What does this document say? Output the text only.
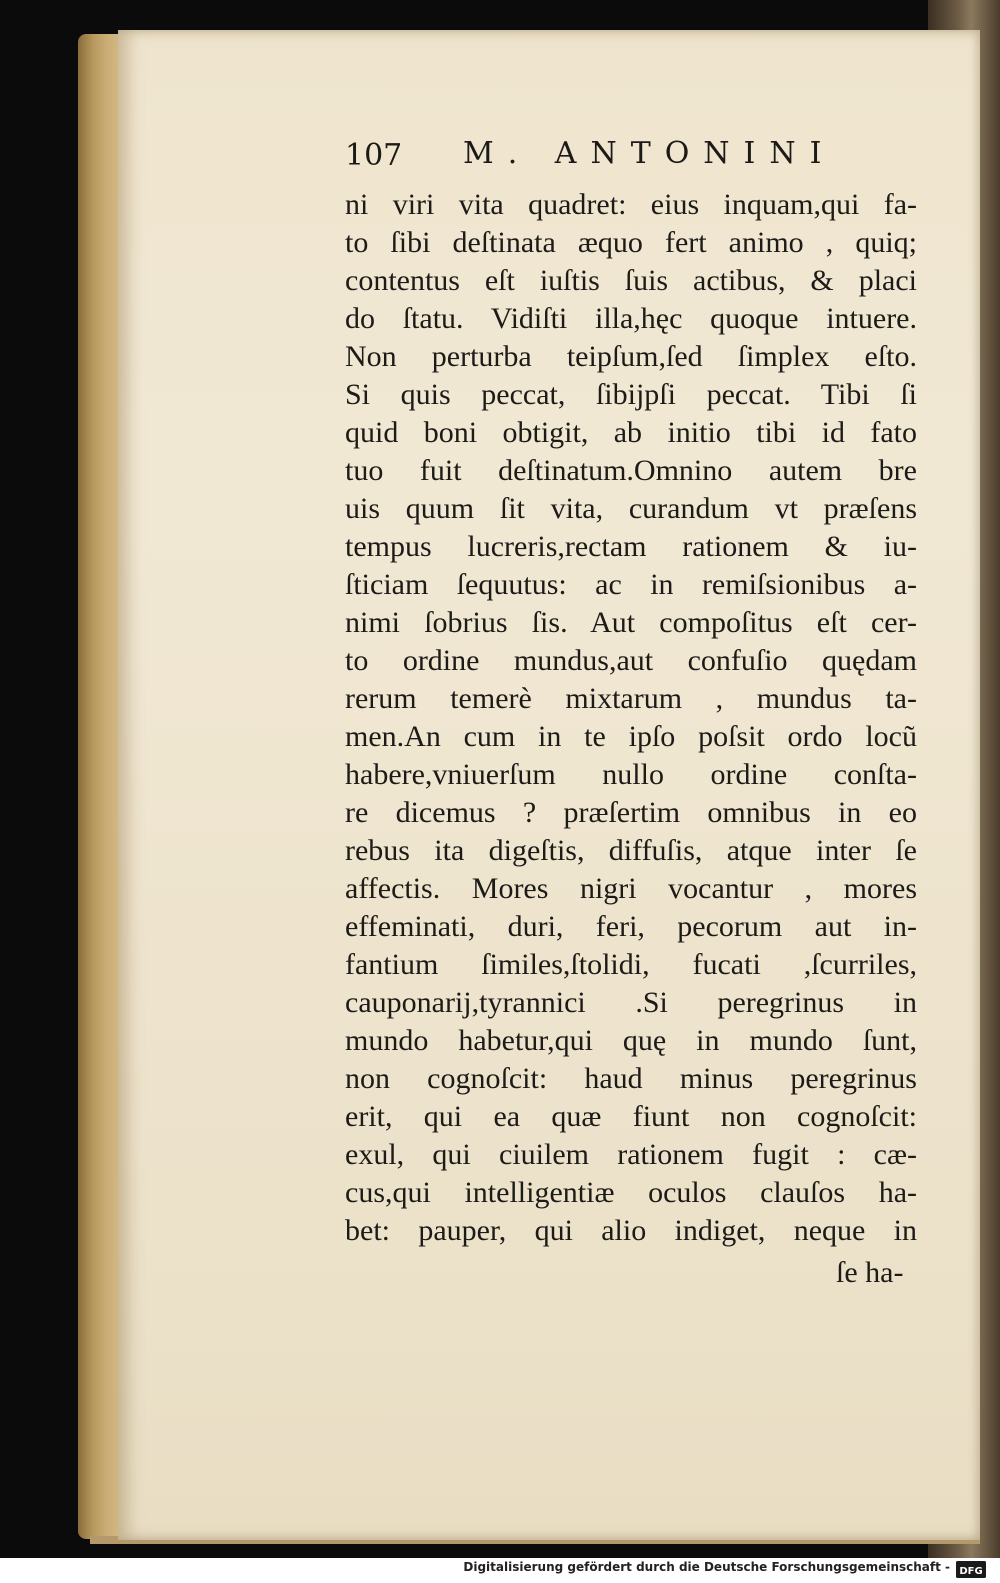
107 M. ANTONINI
ni viri vita quadret: eius inquam,qui fa-
to ſibi deſtinata æquo fert animo , quiq;
contentus eſt iuſtis ſuis actibus, & placi
do ſtatu. Vidiſti illa,hęc quoque intuere.
Non perturba teipſum,ſed ſimplex eſto.
Si quis peccat, ſibijpſi peccat. Tibi ſi
quid boni obtigit, ab initio tibi id fato
tuo fuit deſtinatum.Omnino autem bre
uis quum ſit vita, curandum vt præſens
tempus lucreris,rectam rationem & iu-
ſticiam ſequutus: ac in remiſsionibus a-
nimi ſobrius ſis. Aut compoſitus eſt cer-
to ordine mundus,aut confuſio quędam
rerum temerè mixtarum , mundus ta-
men.An cum in te ipſo poſsit ordo locũ
habere,vniuerſum nullo ordine conſta-
re dicemus ? præſertim omnibus in eo
rebus ita digeſtis, diffuſis, atque inter ſe
affectis. Mores nigri vocantur , mores
effeminati, duri, feri, pecorum aut in-
fantium ſimiles,ſtolidi, fucati ,ſcurriles,
cauponarij,tyrannici .Si peregrinus in
mundo habetur,qui quę in mundo ſunt,
non cognoſcit: haud minus peregrinus
erit, qui ea quæ fiunt non cognoſcit:
exul, qui ciuilem rationem fugit : cæ-
cus,qui intelligentiæ oculos clauſos ha-
bet: pauper, qui alio indiget, neque in
ſe ha-
Digitalisierung gefördert durch die Deutsche Forschungsgemeinschaft - DFG
